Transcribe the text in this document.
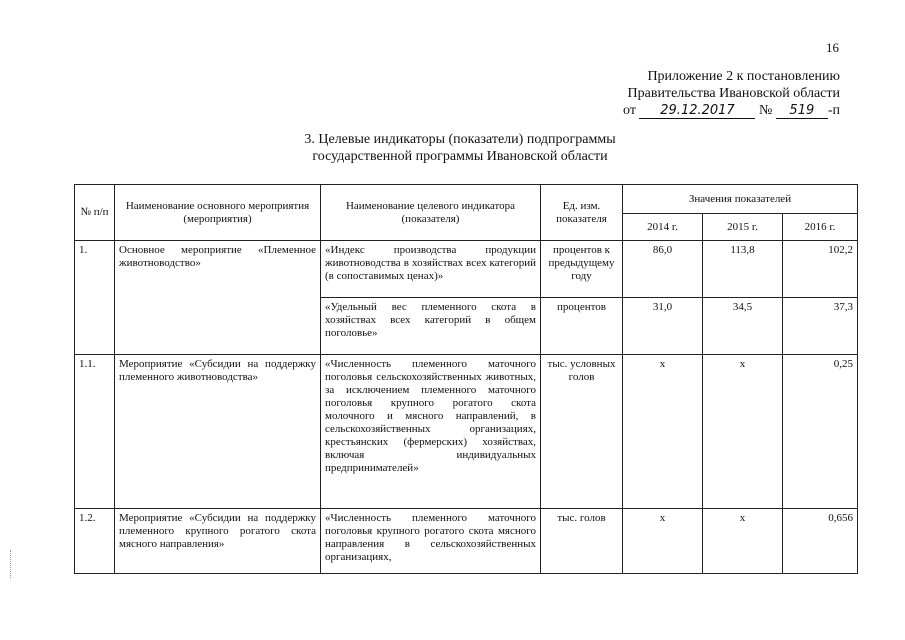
16
Приложение 2 к постановлению
Правительства Ивановской области
от 29.12.2017 № 519 -п
3. Целевые индикаторы (показатели) подпрограммы
государственной программы Ивановской области
№ п/п	Наименование основного мероприятия (мероприятия)	Наименование целевого индикатора (показателя)	Ед. изм. показателя	Значения показателей		
				2014 г.	2015 г.	2016 г.
1.	Основное мероприятие «Племенное животноводство»	«Индекс производства продукции животноводства в хозяйствах всех категорий (в сопоставимых ценах)»	процентов к предыдущему году	86,0	113,8	102,2
		«Удельный вес племенного скота в хозяйствах всех категорий в общем поголовье»	процентов	31,0	34,5	37,3
1.1.	Мероприятие «Субсидии на поддержку племенного животноводства»	«Численность племенного маточного поголовья сельскохозяйственных животных, за исключением племенного маточного поголовья крупного рогатого скота молочного и мясного направлений, в сельскохозяйственных организациях, крестьянских (фермерских) хозяйствах, включая индивидуальных предпринимателей»	тыс. условных голов	х	х	0,25
1.2.	Мероприятие «Субсидии на поддержку племенного крупного рогатого скота мясного направления»	«Численность племенного маточного поголовья крупного рогатого скота мясного направления в сельскохозяйственных организациях,	тыс. голов	х	х	0,656
